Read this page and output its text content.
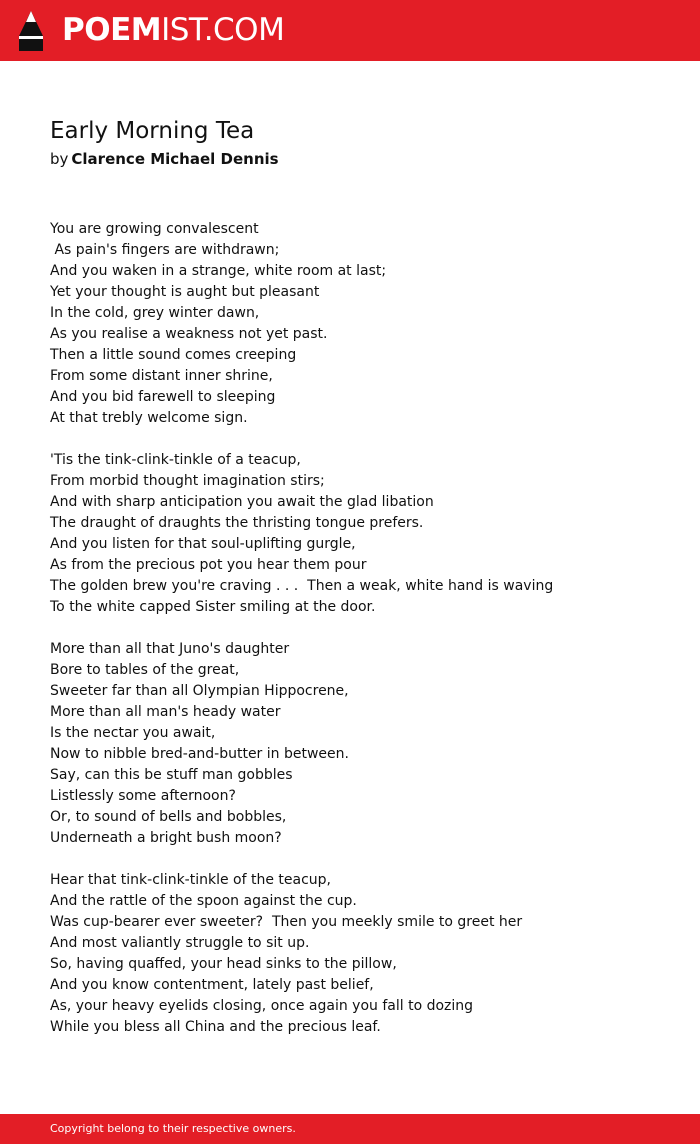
POEMIST.COM
Early Morning Tea
by Clarence Michael Dennis
You are growing convalescent
As pain's fingers are withdrawn;
And you waken in a strange, white room at last;
Yet your thought is aught but pleasant
In the cold, grey winter dawn,
As you realise a weakness not yet past.
Then a little sound comes creeping
From some distant inner shrine,
And you bid farewell to sleeping
At that trebly welcome sign.
'Tis the tink-clink-tinkle of a teacup,
From morbid thought imagination stirs;
And with sharp anticipation you await the glad libation
The draught of draughts the thristing tongue prefers.
And you listen for that soul-uplifting gurgle,
As from the precious pot you hear them pour
The golden brew you're craving . . .  Then a weak, white hand is waving
To the white capped Sister smiling at the door.
More than all that Juno's daughter
Bore to tables of the great,
Sweeter far than all Olympian Hippocrene,
More than all man's heady water
Is the nectar you await,
Now to nibble bred-and-butter in between.
Say, can this be stuff man gobbles
Listlessly some afternoon?
Or, to sound of bells and bobbles,
Underneath a bright bush moon?
Hear that tink-clink-tinkle of the teacup,
And the rattle of the spoon against the cup.
Was cup-bearer ever sweeter?  Then you meekly smile to greet her
And most valiantly struggle to sit up.
So, having quaffed, your head sinks to the pillow,
And you know contentment, lately past belief,
As, your heavy eyelids closing, once again you fall to dozing
While you bless all China and the precious leaf.
Copyright belong to their respective owners.
